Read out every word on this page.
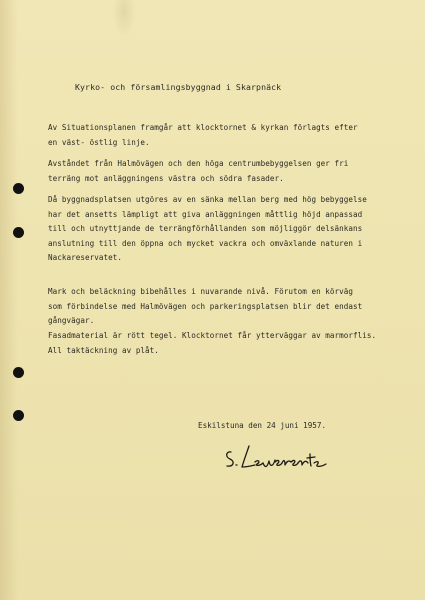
Kyrko- och församlingsbyggnad i Skarpnäck

Av Situationsplanen framgår att klocktornet & kyrkan förlagts efter
en väst- östlig linje.

Avståndet från Halmövägen och den höga centrumbebyggelsen ger fri
terräng mot anläggningens västra och södra fasader.

Då byggnadsplatsen utgöres av en sänka mellan berg med hög bebyggelse
har det ansetts lämpligt att giva anläggningen måttlig höjd anpassad
till och utnyttjande de terrängförhållanden som möjliggör delsänkans
anslutning till den öppna och mycket vackra och omväxlande naturen i
Nackareservatet.

Mark och beläckning bibehålles i nuvarande nivå. Förutom en körväg
som förbindelse med Halmövägen och parkeringsplatsen blir det endast
gångvägar.

Fasadmaterial är rött tegel. Klocktornet får ytterväggar av marmorflis.

All taktäckning av plåt.

Eskilstuna den 24 juni 1957.
